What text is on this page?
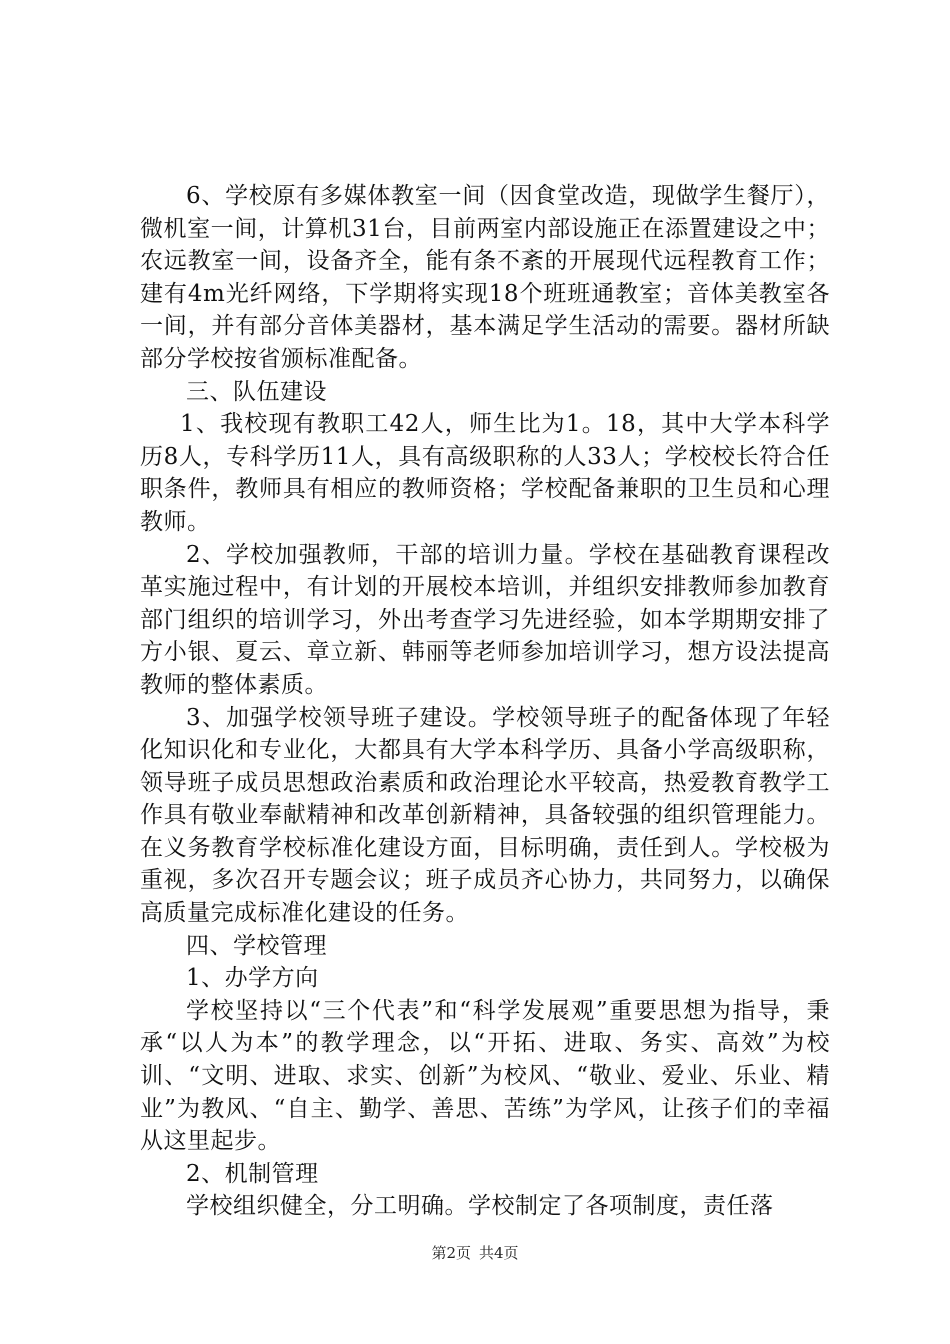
6、学校原有多媒体教室一间（因食堂改造，现做学生餐厅），微机室一间，计算机31台，目前两室内部设施正在添置建设之中；农远教室一间，设备齐全，能有条不紊的开展现代远程教育工作；建有4m光纤网络，下学期将实现18个班班通教室；音体美教室各一间，并有部分音体美器材，基本满足学生活动的需要。器材所缺部分学校按省颁标准配备。

三、队伍建设

1、我校现有教职工42人，师生比为1。18，其中大学本科学历8人，专科学历11人，具有高级职称的人33人；学校校长符合任职条件，教师具有相应的教师资格；学校配备兼职的卫生员和心理教师。

2、学校加强教师，干部的培训力量。学校在基础教育课程改革实施过程中，有计划的开展校本培训，并组织安排教师参加教育部门组织的培训学习，外出考查学习先进经验，如本学期期安排了方小银、夏云、章立新、韩丽等老师参加培训学习，想方设法提高教师的整体素质。

3、加强学校领导班子建设。学校领导班子的配备体现了年轻化知识化和专业化，大都具有大学本科学历、具备小学高级职称，领导班子成员思想政治素质和政治理论水平较高，热爱教育教学工作具有敬业奉献精神和改革创新精神，具备较强的组织管理能力。在义务教育学校标准化建设方面，目标明确，责任到人。学校极为重视，多次召开专题会议；班子成员齐心协力，共同努力，以确保高质量完成标准化建设的任务。

四、学校管理

1、办学方向

学校坚持以“三个代表”和“科学发展观”重要思想为指导，秉承“以人为本”的教学理念，以“开拓、进取、务实、高效”为校训、“文明、进取、求实、创新”为校风、“敬业、爱业、乐业、精业”为教风、“自主、勤学、善思、苦练”为学风，让孩子们的幸福从这里起步。

2、机制管理

学校组织健全，分工明确。学校制定了各项制度，责任落

第2页 共4页
